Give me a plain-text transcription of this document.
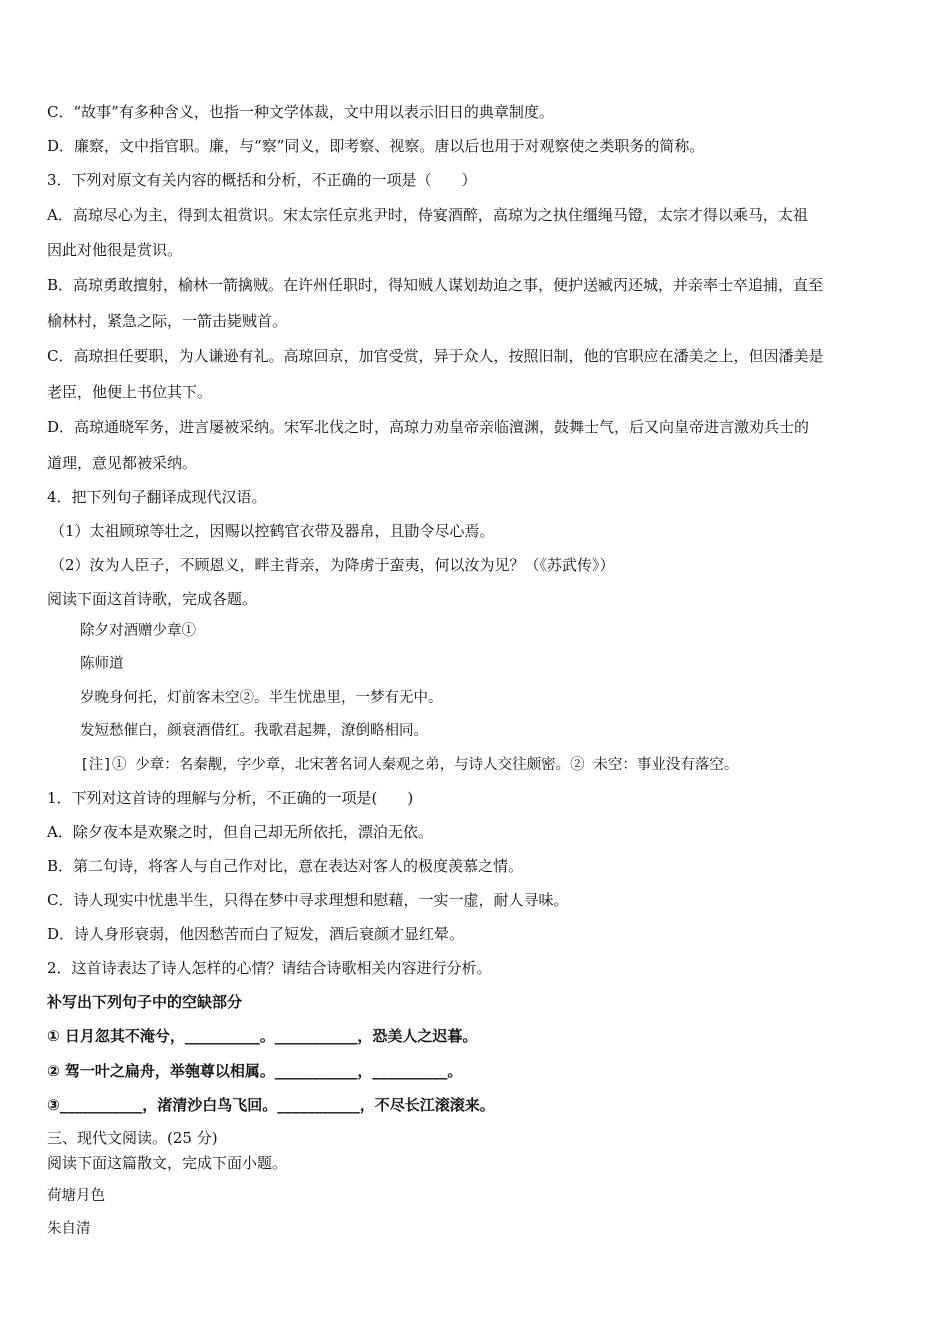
C．“故事”有多种含义，也指一种文学体裁，文中用以表示旧日的典章制度。
D．廉察，文中指官职。廉，与“察”同义，即考察、视察。唐以后也用于对观察使之类职务的简称。
3．下列对原文有关内容的概括和分析，不正确的一项是（　　）
A．高琼尽心为主，得到太祖赏识。宋太宗任京兆尹时，侍宴酒醉，高琼为之执住缰绳马镫，太宗才得以乘马，太祖
因此对他很是赏识。
B．高琼勇敢擅射，榆林一箭擒贼。在许州任职时，得知贼人谋划劫迫之事，便护送臧丙还城，并亲率士卒追捕，直至
榆林村，紧急之际，一箭击毙贼首。
C．高琼担任要职，为人谦逊有礼。高琼回京，加官受赏，异于众人，按照旧制，他的官职应在潘美之上，但因潘美是
老臣，他便上书位其下。
D．高琼通晓军务，进言屡被采纳。宋军北伐之时，高琼力劝皇帝亲临澶渊，鼓舞士气，后又向皇帝进言激劝兵士的
道理，意见都被采纳。
4．把下列句子翻译成现代汉语。
（1）太祖顾琼等壮之，因赐以控鹤官衣带及器帛，且勖令尽心焉。
（2）汝为人臣子，不顾恩义，畔主背亲，为降虏于蛮夷，何以汝为见？（《苏武传》）
阅读下面这首诗歌，完成各题。
除夕对酒赠少章①
陈师道
岁晚身何托，灯前客未空②。半生忧患里，一梦有无中。
发短愁催白，颜衰酒借红。我歌君起舞，潦倒略相同。
[注]① 少章：名秦觏，字少章，北宋著名词人秦观之弟，与诗人交往颇密。② 未空：事业没有落空。
1．下列对这首诗的理解与分析，不正确的一项是(　　)
A．除夕夜本是欢聚之时，但自己却无所依托，漂泊无依。
B．第二句诗，将客人与自己作对比，意在表达对客人的极度羡慕之情。
C．诗人现实中忧患半生，只得在梦中寻求理想和慰藉，一实一虚，耐人寻味。
D．诗人身形衰弱，他因愁苦而白了短发，酒后衰颜才显红晕。
2．这首诗表达了诗人怎样的心情？请结合诗歌相关内容进行分析。
补写出下列句子中的空缺部分
① 日月忽其不淹兮，__________。___________，恐美人之迟暮。
② 驾一叶之扁舟，举匏尊以相属。___________，__________。
③___________，渚清沙白鸟飞回。___________，不尽长江滚滚来。
三、现代文阅读。(25 分)
阅读下面这篇散文，完成下面小题。
荷塘月色
朱自清
